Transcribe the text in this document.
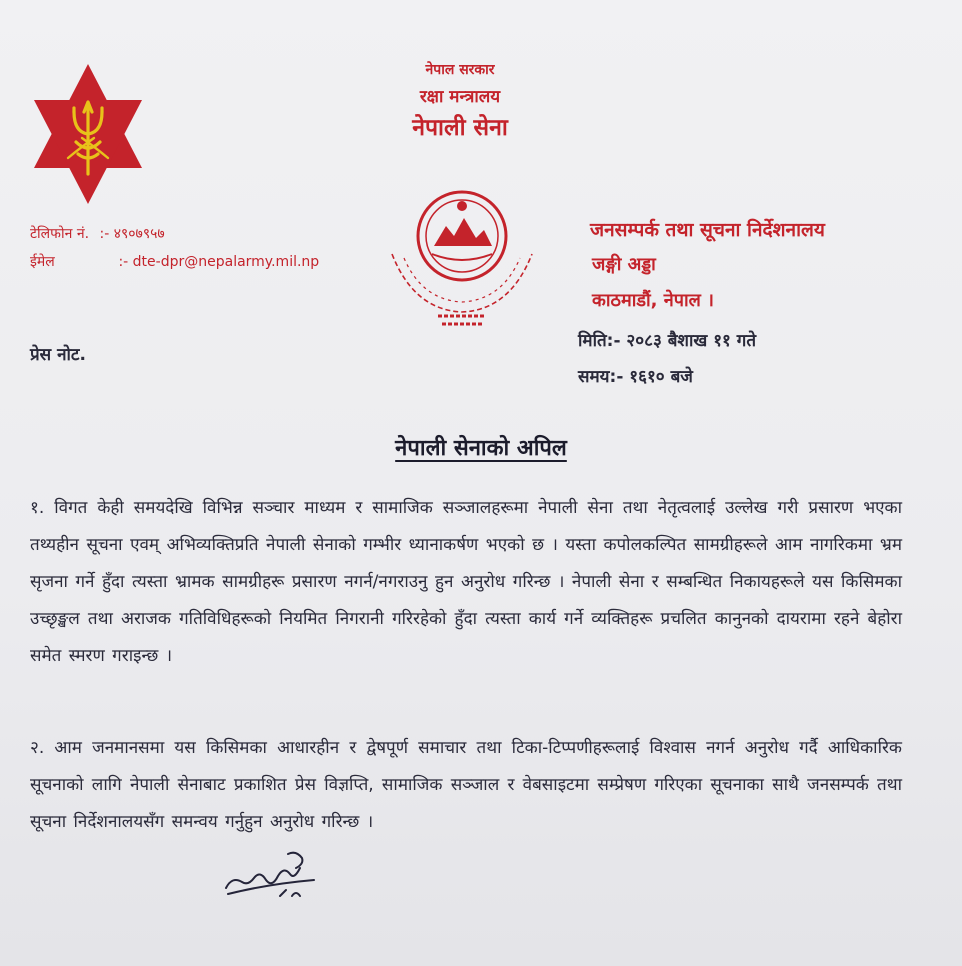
नेपाल सरकार
रक्षा मन्त्रालय
नेपाली सेना
टेलिफोन नं. :- ४९०७९५७
ईमेल	:- dte-dpr@nepalarmy.mil.np
जनसम्पर्क तथा सूचना निर्देशनालय
जङ्गी अड्डा
काठमाडौं, नेपाल ।
प्रेस नोट.
मिति:- २०८३ बैशाख ११ गते
समय:- १६१० बजे
नेपाली सेनाको अपिल
१. विगत केही समयदेखि विभिन्न सञ्चार माध्यम र सामाजिक सञ्जालहरूमा नेपाली सेना तथा नेतृत्वलाई उल्लेख गरी प्रसारण भएका तथ्यहीन सूचना एवम् अभिव्यक्तिप्रति नेपाली सेनाको गम्भीर ध्यानाकर्षण भएको छ । यस्ता कपोलकल्पित सामग्रीहरूले आम नागरिकमा भ्रम सृजना गर्ने हुँदा त्यस्ता भ्रामक सामग्रीहरू प्रसारण नगर्न/नगराउनु हुन अनुरोध गरिन्छ । नेपाली सेना र सम्बन्धित निकायहरूले यस किसिमका उच्छृङ्खल तथा अराजक गतिविधिहरूको नियमित निगरानी गरिरहेको हुँदा त्यस्ता कार्य गर्ने व्यक्तिहरू प्रचलित कानुनको दायरामा रहने बेहोरा समेत स्मरण गराइन्छ ।
२. आम जनमानसमा यस किसिमका आधारहीन र द्वेषपूर्ण समाचार तथा टिका-टिप्पणीहरूलाई विश्वास नगर्न अनुरोध गर्दै आधिकारिक सूचनाको लागि नेपाली सेनाबाट प्रकाशित प्रेस विज्ञप्ति, सामाजिक सञ्जाल र वेबसाइटमा सम्प्रेषण गरिएका सूचनाका साथै जनसम्पर्क तथा सूचना निर्देशनालयसँग समन्वय गर्नुहुन अनुरोध गरिन्छ ।
